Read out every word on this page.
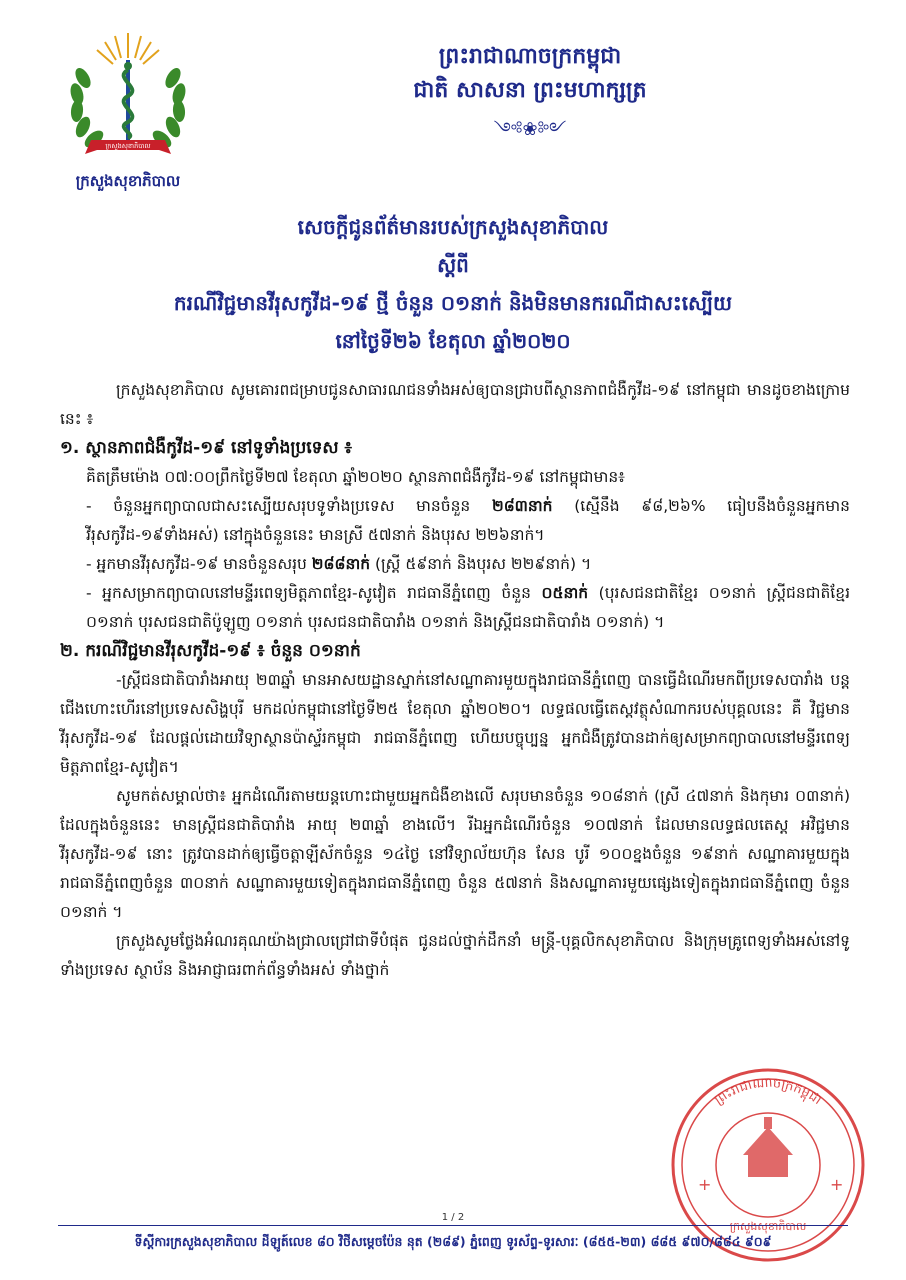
ក្រសួងសុខាភិបាល
ក្រសួងសុខាភិបាល
ព្រះរាជាណាចក្រកម្ពុជា
ជាតិ សាសនា ព្រះមហាក្សត្រ
༺❀༻
សេចក្តីជូនព័ត៌មានរបស់ក្រសួងសុខាភិបាល
ស្តីពី
ករណីវិជ្ជមានវីរុសកូវីដ-១៩ ថ្មី ចំនួន ០១នាក់ និងមិនមានករណីជាសះស្បើយ
នៅថ្ងៃទី២៦ ខែតុលា ឆ្នាំ២០២០

ក្រសួងសុខាភិបាល សូមគោរពជម្រាបជូនសាធារណជនទាំងអស់ឲ្យបានជ្រាបពីស្ថានភាពជំងឺកូវីដ-១៩ នៅកម្ពុជា មានដូចខាងក្រោមនេះ ៖

១. ស្ថានភាពជំងឺកូវីដ-១៩ នៅទូទាំងប្រទេស ៖

គិតត្រឹមម៉ោង ០៧:០០ព្រឹកថ្ងៃទី២៧ ខែតុលា ឆ្នាំ២០២០ ស្ថានភាពជំងឺកូវីដ-១៩ នៅកម្ពុជាមាន៖

- ចំនួនអ្នកព្យាបាលជាសះស្បើយសរុបទូទាំងប្រទេស មានចំនួន ២៨៣នាក់ (ស្មើនឹង ៩៨,២៦% ធៀបនឹងចំនួនអ្នកមានវីរុសកូវីដ-១៩ទាំងអស់) នៅក្នុងចំនួននេះ មានស្រី ៥៧នាក់ និងបុរស ២២៦នាក់។

- អ្នកមានវីរុសកូវីដ-១៩ មានចំនួនសរុប ២៨៨នាក់ (ស្ត្រី ៥៩នាក់ និងបុរស ២២៩នាក់) ។

- អ្នកសម្រាកព្យាបាលនៅមន្ទីរពេទ្យមិត្តភាពខ្មែរ-សូវៀត រាជធានីភ្នំពេញ ចំនួន ០៥នាក់ (បុរសជនជាតិខ្មែរ ០១នាក់ ស្ត្រីជនជាតិខ្មែរ ០១នាក់ បុរសជនជាតិប៉ូឡូញ ០១នាក់ បុរសជនជាតិបារាំង ០១នាក់ និងស្ត្រីជនជាតិបារាំង ០១នាក់) ។

២. ករណីវិជ្ជមានវីរុសកូវីដ-១៩ ៖ ចំនួន ០១នាក់

-ស្ត្រីជនជាតិបារាំងអាយុ ២៣ឆ្នាំ មានអាសយដ្ឋានស្នាក់នៅសណ្ឋាគារមួយក្នុងរាជធានីភ្នំពេញ បានធ្វើដំណើរមកពីប្រទេសបារាំង បន្តជើងហោះហើរនៅប្រទេសសិង្ហបុរី មកដល់កម្ពុជានៅថ្ងៃទី២៥ ខែតុលា ឆ្នាំ២០២០។ លទ្ធផលធ្វើតេស្តវត្ថុសំណាករបស់បុគ្គលនេះ គឺ វិជ្ជមានវីរុសកូវីដ-១៩ ដែលផ្តល់ដោយវិទ្យាស្ថានប៉ាស្ទ័រកម្ពុជា រាជធានីភ្នំពេញ ហើយបច្ចុប្បន្ន អ្នកជំងឺត្រូវបានដាក់ឲ្យសម្រាកព្យាបាលនៅមន្ទីរពេទ្យមិត្តភាពខ្មែរ-សូវៀត។

សូមកត់សម្គាល់ថា៖ អ្នកដំណើរតាមយន្តហោះជាមួយអ្នកជំងឺខាងលើ សរុបមានចំនួន ១០៨នាក់ (ស្រី ៤៧នាក់ និងកុមារ ០៣នាក់) ដែលក្នុងចំនួននេះ មានស្ត្រីជនជាតិបារាំង អាយុ ២៣ឆ្នាំ ខាងលើ។ រីឯអ្នកដំណើរចំនួន ១០៧នាក់ ដែលមានលទ្ធផលតេស្ត អវិជ្ជមានវីរុសកូវីដ-១៩ នោះ ត្រូវបានដាក់ឲ្យធ្វើចត្តាឡីស័កចំនួន ១៤ថ្ងៃ នៅវិទ្យាល័យហ៊ុន សែន បូរី ១០០ខ្នងចំនួន ១៩នាក់ សណ្ឋាគារមួយក្នុងរាជធានីភ្នំពេញចំនួន ៣០នាក់ សណ្ឋាគារមួយទៀតក្នុងរាជធានីភ្នំពេញ ចំនួន ៥៧នាក់ និងសណ្ឋាគារមួយផ្សេងទៀតក្នុងរាជធានីភ្នំពេញ ចំនួន ០១នាក់ ។

ក្រសួងសូមថ្លែងអំណរគុណយ៉ាងជ្រាលជ្រៅជាទីបំផុត ជូនដល់ថ្នាក់ដឹកនាំ មន្ត្រី-បុគ្គលិកសុខាភិបាល និងក្រុមគ្រូពេទ្យទាំងអស់នៅទូទាំងប្រទេស ស្ថាប័ន និងអាជ្ញាធរពាក់ព័ន្ធទាំងអស់ ទាំងថ្នាក់

ព្រះរាជាណាចក្រកម្ពុជា
ក្រសួងសុខាភិបាល
+	+
1 / 2
ទីស្តីការក្រសួងសុខាភិបាល ដីឡូត៍លេខ ៨០ វិថីសម្តេចប៉ែន នុត (២៨៩) ភ្នំពេញ ទូរស័ព្ទ-ទូរសារៈ (៨៥៥-២៣) ៨៨៥ ៩៧០/៨៨៤ ៩០៩
